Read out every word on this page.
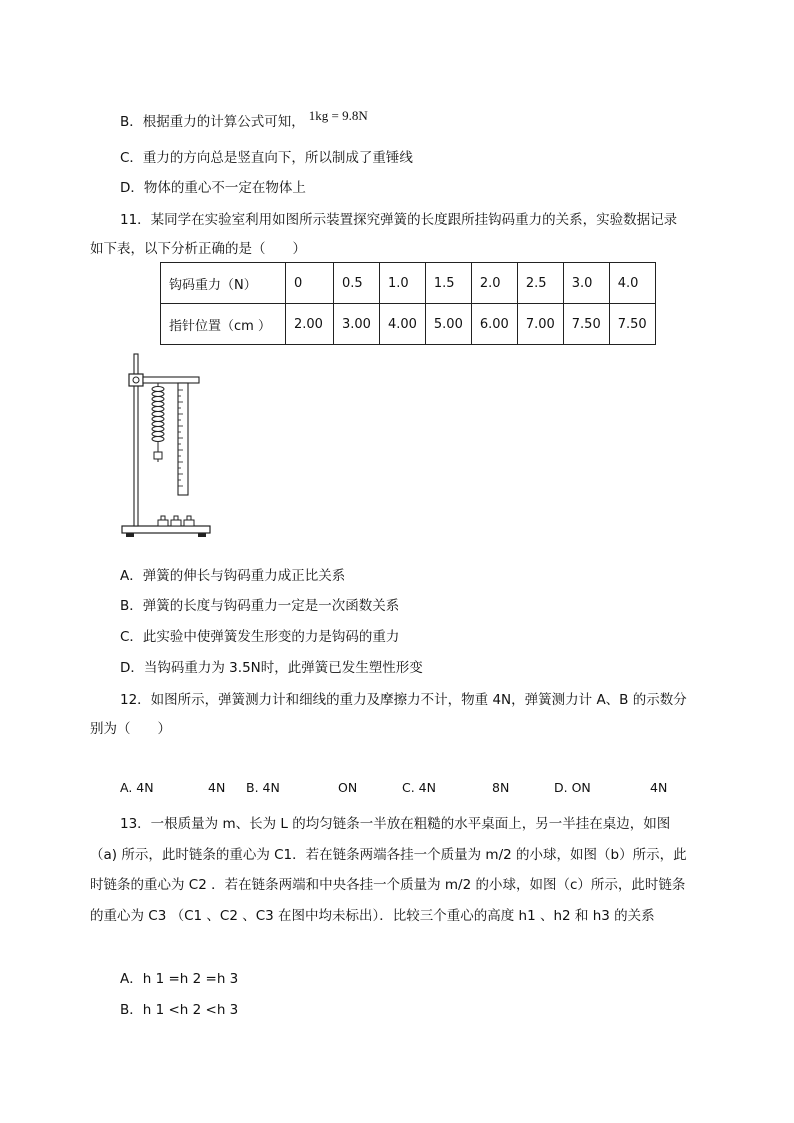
B．根据重力的计算公式可知， 1kg = 9.8N
C．重力的方向总是竖直向下，所以制成了重锤线
D．物体的重心不一定在物体上
11．某同学在实验室利用如图所示装置探究弹簧的长度跟所挂钩码重力的关系，实验数据记录
如下表，以下分析正确的是（　　）
钩码重力（N）	0	0.5	1.0	1.5	2.0	2.5	3.0	4.0
指针位置（cm ）	2.00	3.00	4.00	5.00	6.00	7.00	7.50	7.50
A．弹簧的伸长与钩码重力成正比关系
B．弹簧的长度与钩码重力一定是一次函数关系
C．此实验中使弹簧发生形变的力是钩码的重力
D．当钩码重力为 3.5N时，此弹簧已发生塑性形变
12．如图所示，弹簧测力计和细线的重力及摩擦力不计，物重 4N，弹簧测力计 A、B 的示数分
别为（　　）
A. 4N	4N B. 4N	ON	C. 4N	8N	D. ON	4N
13．一根质量为 m、长为 L 的均匀链条一半放在粗糙的水平桌面上，另一半挂在桌边，如图
（a) 所示，此时链条的重心为 C1．若在链条两端各挂一个质量为 m/2 的小球，如图（b）所示，此
时链条的重心为 C2 ．若在链条两端和中央各挂一个质量为 m/2 的小球，如图（c）所示，此时链条
的重心为 C3 （C1 、C2 、C3 在图中均未标出）．比较三个重心的高度 h1 、h2 和 h3 的关系
A．h 1 =h 2 =h 3
B．h 1 <h 2 <h 3
